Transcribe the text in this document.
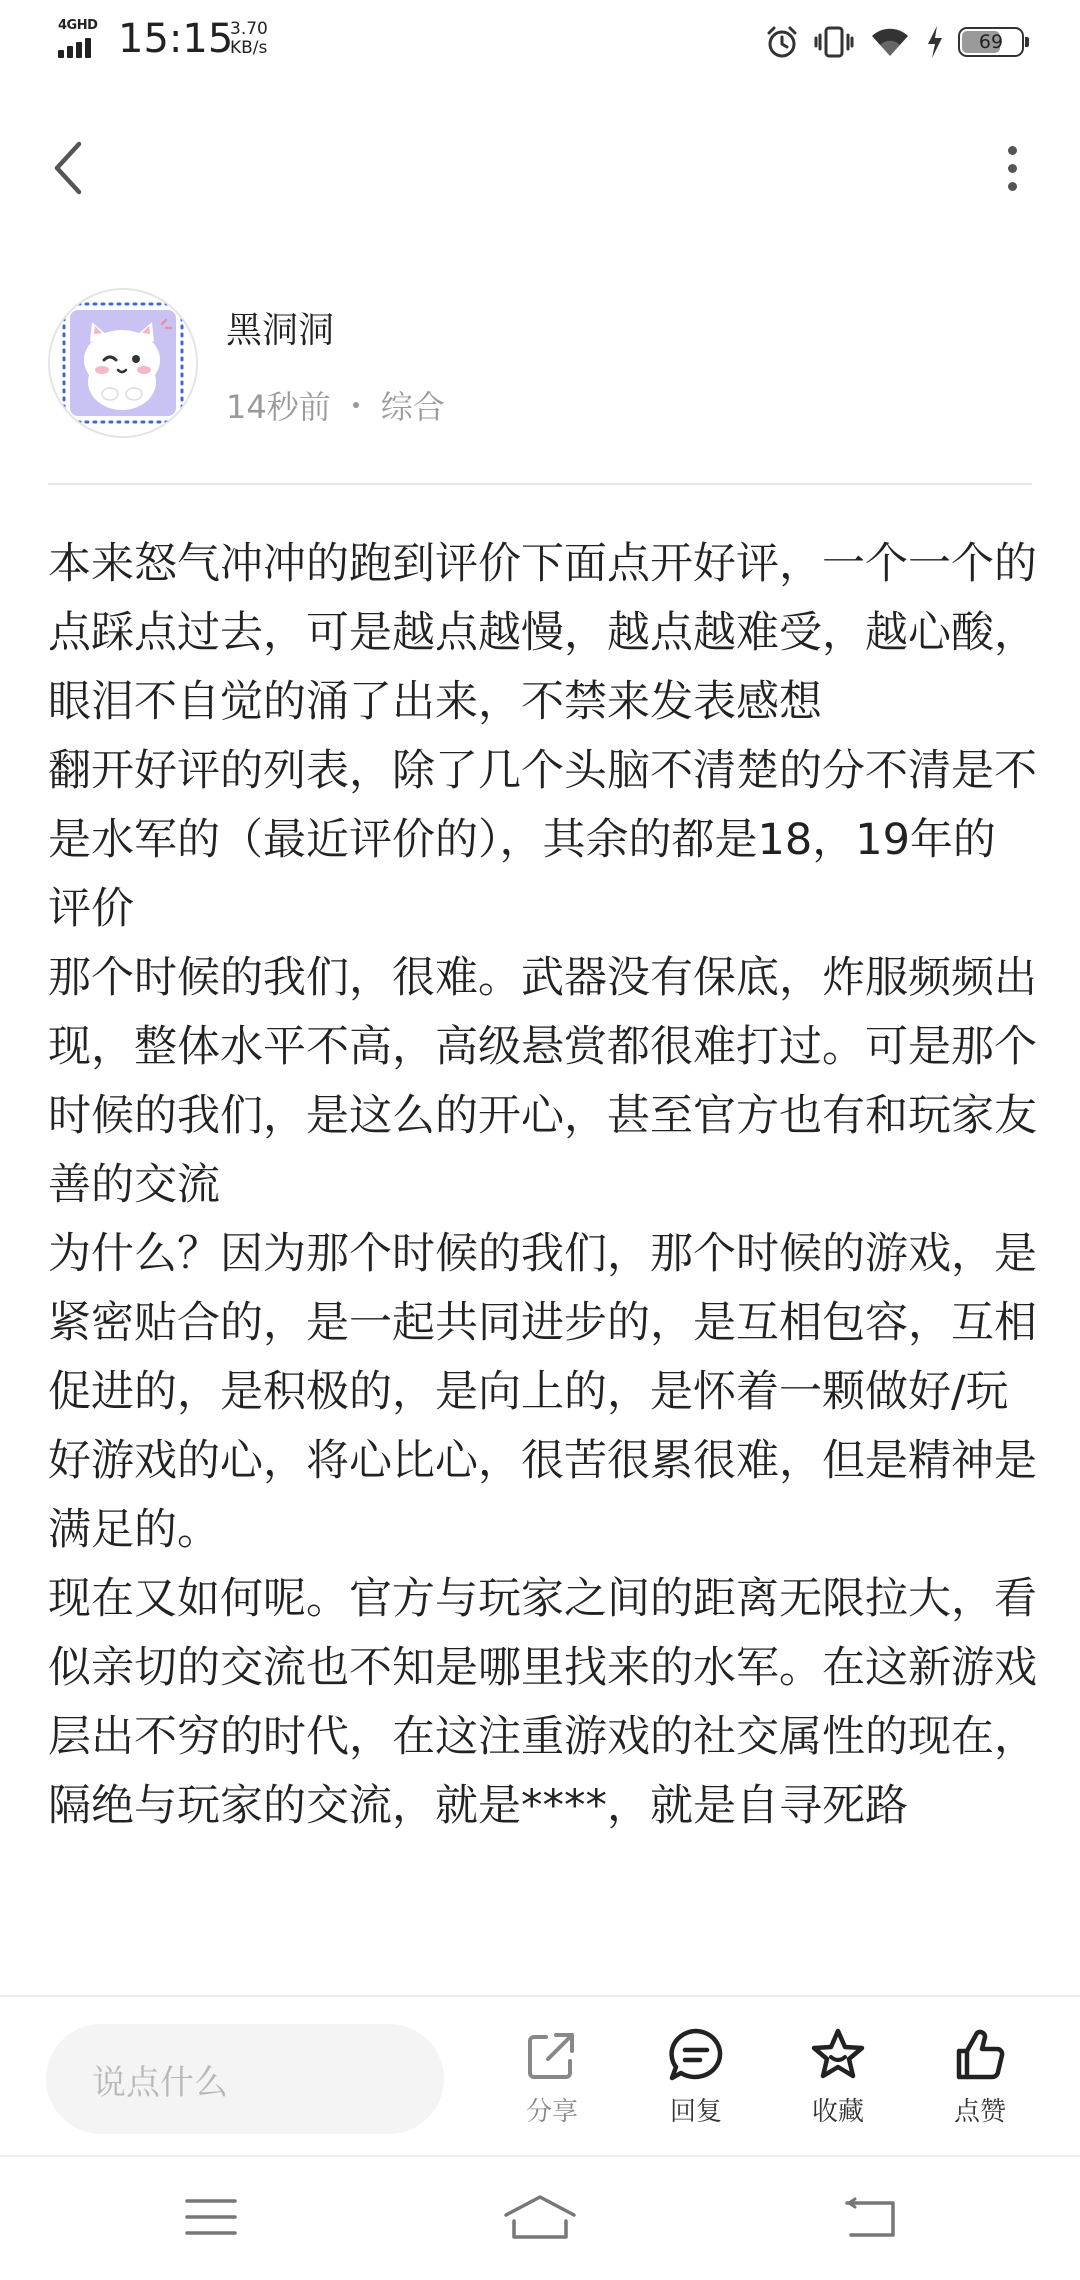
4GHD 15:15
3.70
KB/s	69
黑洞洞
14秒前 综合

本来怒气冲冲的跑到评价下面点开好评，一个一个的点踩点过去，可是越点越慢，越点越难受，越心酸，眼泪不自觉的涌了出来，不禁来发表感想

翻开好评的列表，除了几个头脑不清楚的分不清是不是水军的（最近评价的），其余的都是18，19年的评价

那个时候的我们，很难。武器没有保底，炸服频频出现，整体水平不高，高级悬赏都很难打过。可是那个时候的我们，是这么的开心，甚至官方也有和玩家友善的交流

为什么？因为那个时候的我们，那个时候的游戏，是紧密贴合的，是一起共同进步的，是互相包容，互相促进的，是积极的，是向上的，是怀着一颗做好/玩好游戏的心，将心比心，很苦很累很难，但是精神是满足的。

现在又如何呢。官方与玩家之间的距离无限拉大，看似亲切的交流也不知是哪里找来的水军。在这新游戏层出不穷的时代，在这注重游戏的社交属性的现在，隔绝与玩家的交流，就是****，就是自寻死路

说点什么
分享	回复	收藏	点赞
